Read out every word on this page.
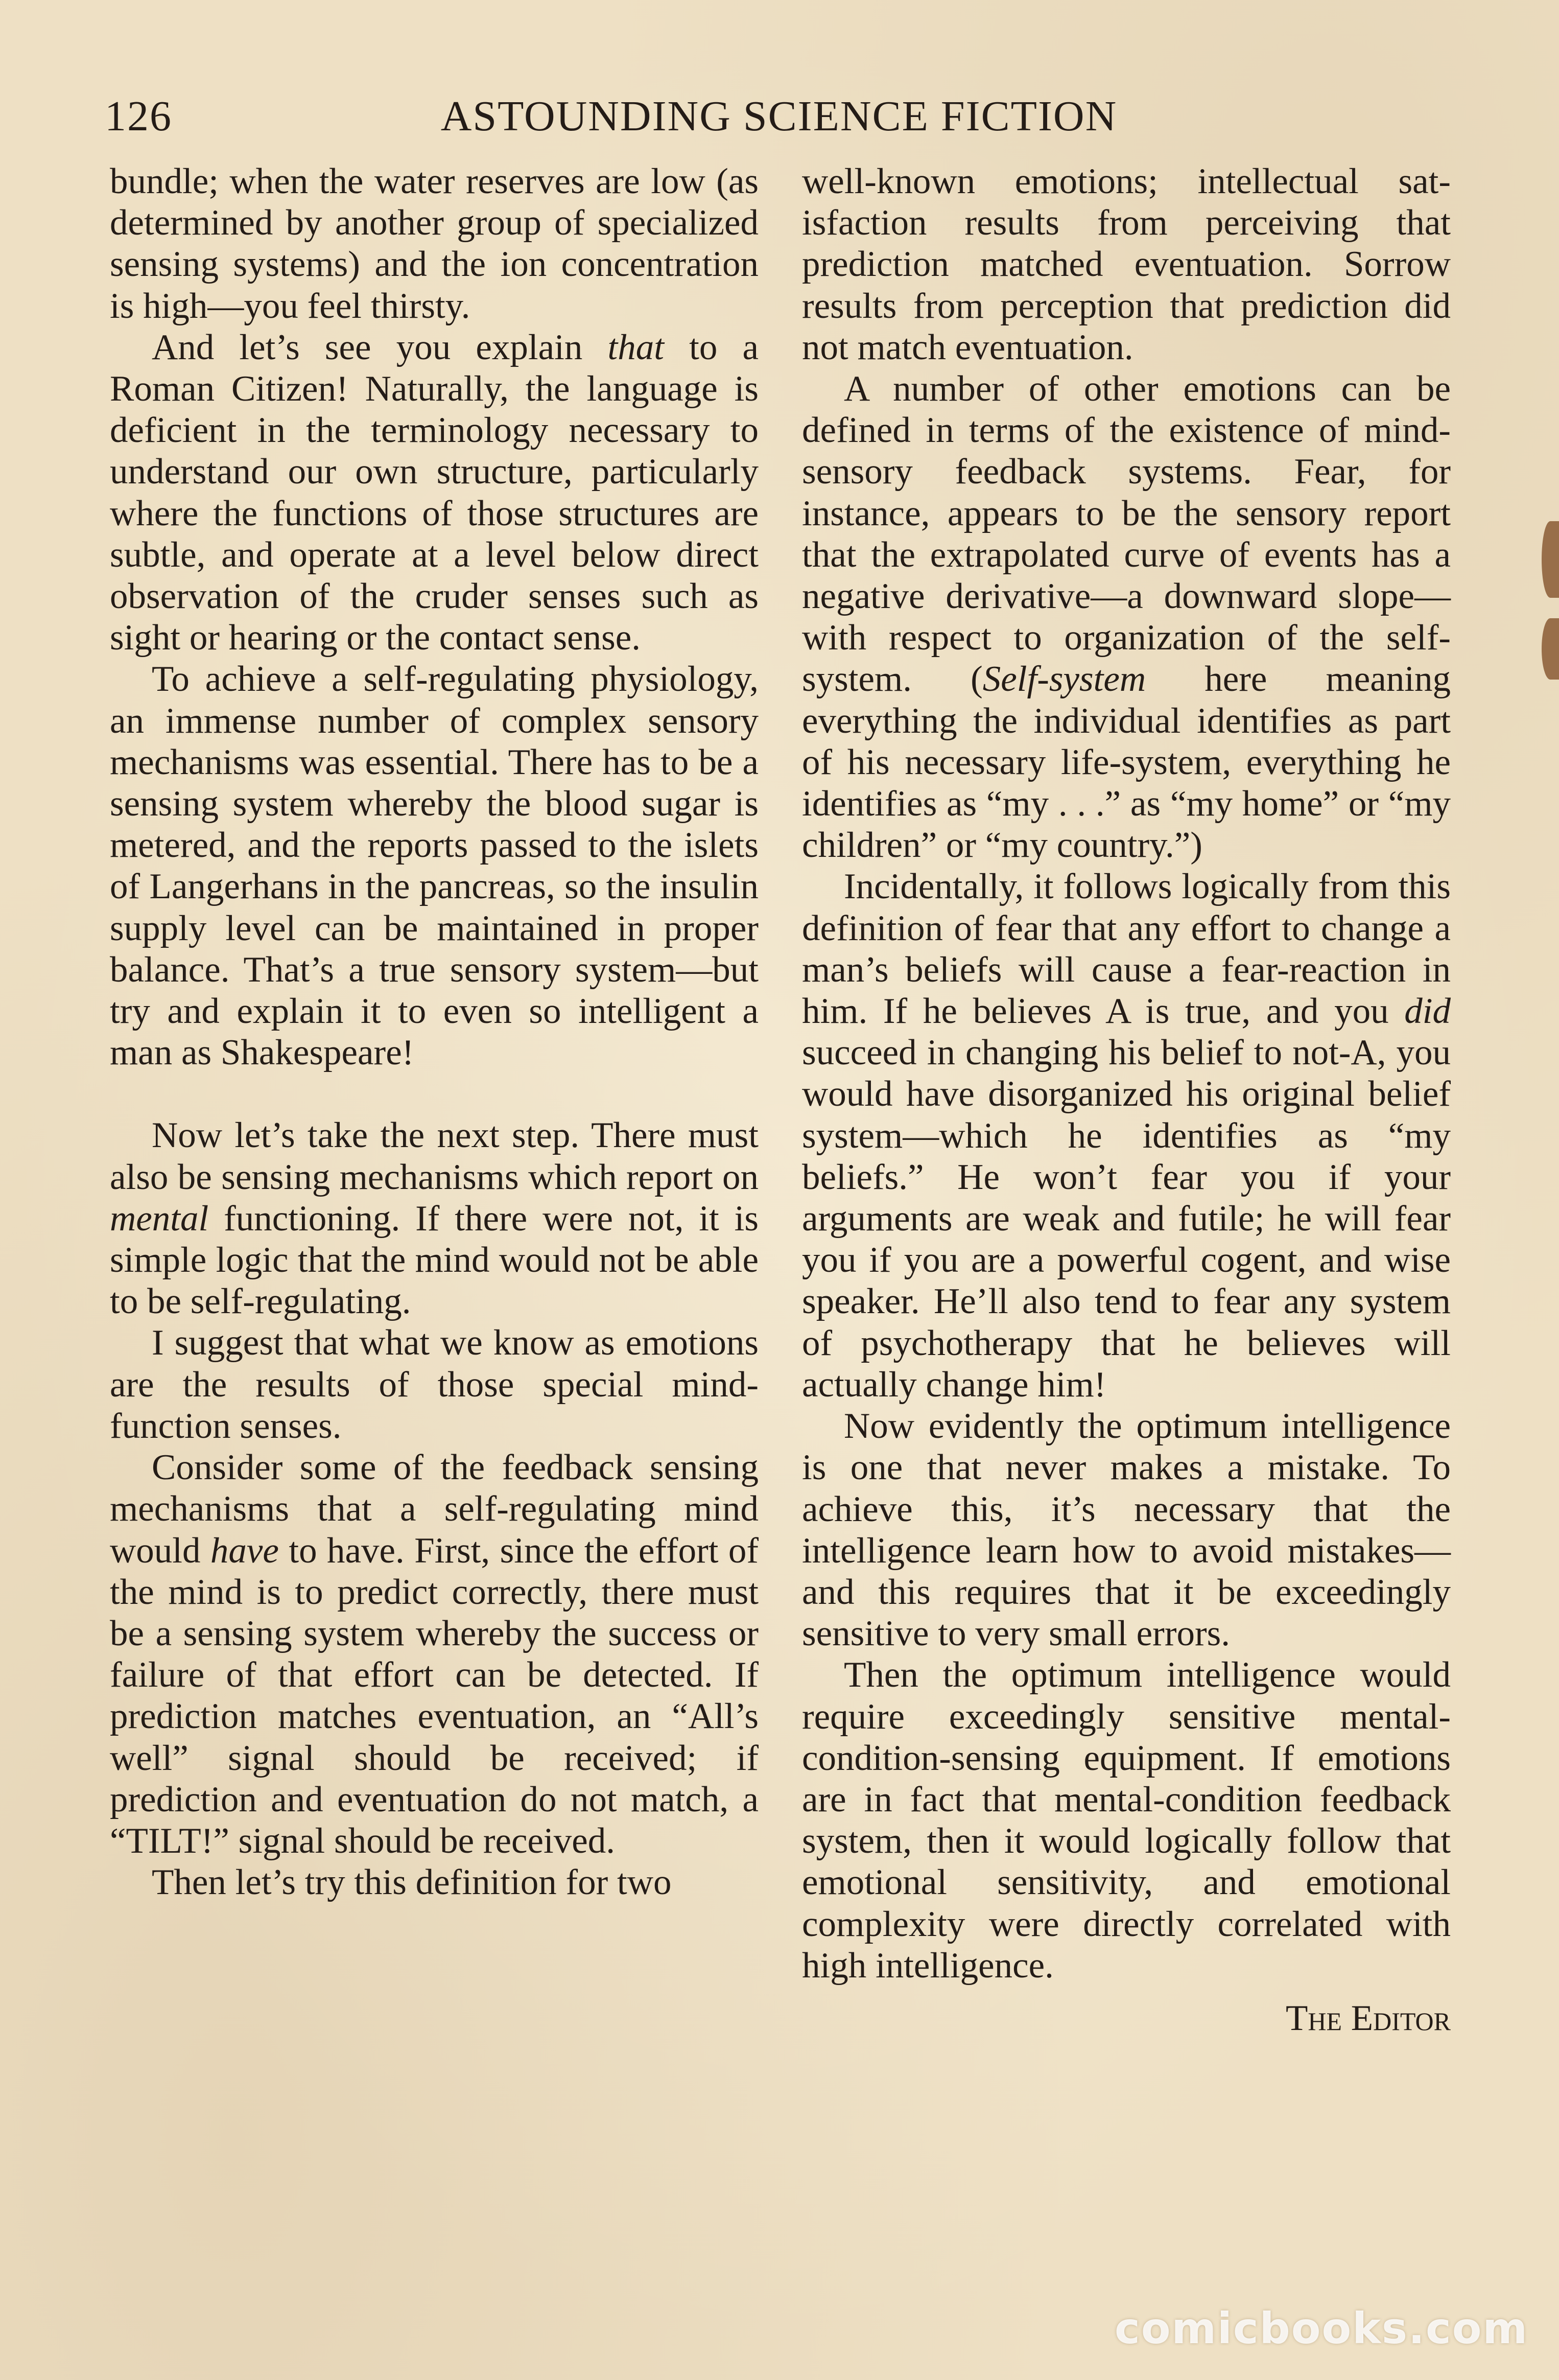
126	ASTOUNDING SCIENCE FICTION

bundle; when the water reserves are low (as determined by another group of specialized sensing systems) and the ion concentration is high—you feel thirsty.

And let’s see you explain that to a Roman Citizen! Naturally, the language is deficient in the terminology necessary to understand our own structure, particularly where the functions of those structures are subtle, and operate at a level below direct observation of the cruder senses such as sight or hearing or the contact sense.

To achieve a self-regulating physiology, an immense number of complex sensory mechanisms was essential. There has to be a sensing system whereby the blood sugar is metered, and the reports passed to the islets of Langerhans in the pancreas, so the insulin supply level can be maintained in proper balance. That’s a true sensory system—but try and explain it to even so intelligent a man as Shakespeare!

Now let’s take the next step. There must also be sensing mechanisms which report on mental functioning. If there were not, it is simple logic that the mind would not be able to be self-regulating.

I suggest that what we know as emotions are the results of those special mind-function senses.

Consider some of the feedback sensing mechanisms that a self-regulating mind would have to have. First, since the effort of the mind is to predict correctly, there must be a sensing system whereby the success or failure of that effort can be detected. If prediction matches eventuation, an “All’s well” signal should be received; if prediction and eventuation do not match, a “TILT!” signal should be received.

Then let’s try this definition for two

well-known emotions; intellectual satisfaction results from perceiving that prediction matched eventuation. Sorrow results from perception that prediction did not match eventuation.

A number of other emotions can be defined in terms of the existence of mind-sensory feedback systems. Fear, for instance, appears to be the sensory report that the extrapolated curve of events has a negative derivative—a downward slope—with respect to organization of the self-system. (Self-system here meaning everything the individual identifies as part of his necessary life-system, everything he identifies as “my . . .” as “my home” or “my children” or “my country.”)

Incidentally, it follows logically from this definition of fear that any effort to change a man’s beliefs will cause a fear-reaction in him. If he believes A is true, and you did succeed in changing his belief to not-A, you would have disorganized his original belief system—which he identifies as “my beliefs.” He won’t fear you if your arguments are weak and futile; he will fear you if you are a powerful cogent, and wise speaker. He’ll also tend to fear any system of psychotherapy that he believes will actually change him!

Now evidently the optimum intelligence is one that never makes a mistake. To achieve this, it’s necessary that the intelligence learn how to avoid mistakes—and this requires that it be exceedingly sensitive to very small errors.

Then the optimum intelligence would require exceedingly sensitive mental-condition-sensing equipment. If emotions are in fact that mental-condition feedback system, then it would logically follow that emotional sensitivity, and emotional complexity were directly correlated with high intelligence.

The Editor

comicbooks.com
